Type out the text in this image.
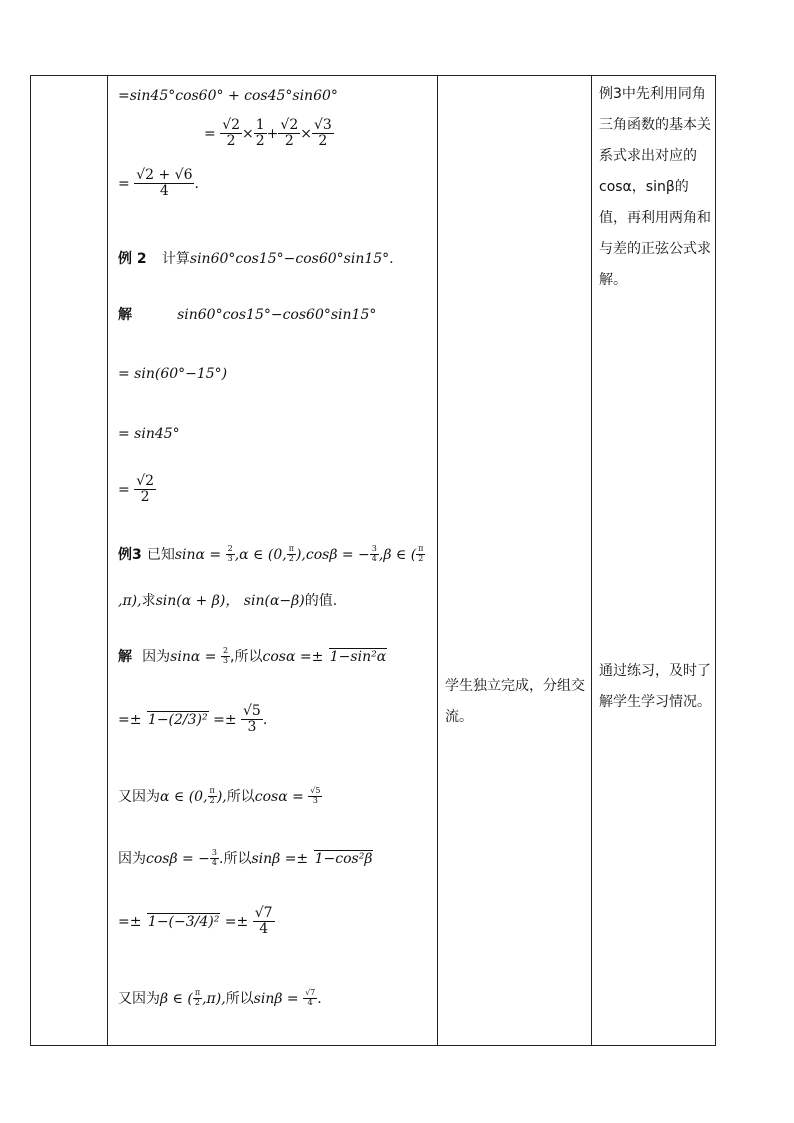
=sin45°cos60° + cos45°sin60°
= $\frac{√2}{2} \times \frac{1}{2} + \frac{√2}{2} \times \frac{√3}{2}$
= $\frac{√2 + √6}{4}$ .
例 2 计算sin60°cos15°−cos60°sin15°.
解	sin60°cos15°−cos60°sin15°
= sin(60°−15°)
= sin45°
= $\frac{√2}{2}$
例3 已知$\sin\alpha = \frac{2}{3} ,\alpha$ ∈ (0, $\frac{\pi}{2} ),\cos\beta$ = − $\frac{3}{4} ,\beta$ ∈ ( $\frac{\pi}{2}$
,π),求sin(α + β)， sin(α−β)的值.
解 因为$\sin\alpha = \frac{2}{3}$ ,所以cosα =± 1−sin²α
=± $1-(2/3)^2 =\pm \frac{√5}{3}$ .
又因为α ∈ (0, $\frac{\pi}{2}$ ),所以$\cos\alpha = \frac{√5}{3}$
因为cosβ = − $\frac{3}{4}$ .所以sinβ =± 1−cos²β
=± $1-(-3/4)^2 =\pm \frac{√7}{4}$
又因为β ∈ ( $\frac{\pi}{2} ,\pi$),所以$\sin\beta = \frac{√7}{4}$ .
学生独立完成，分组交流。
例3中先利用同角三角函数的基本关系式求出对应的cosα，sinβ的值，再利用两角和与差的正弦公式求解。
通过练习，及时了解学生学习情况。
